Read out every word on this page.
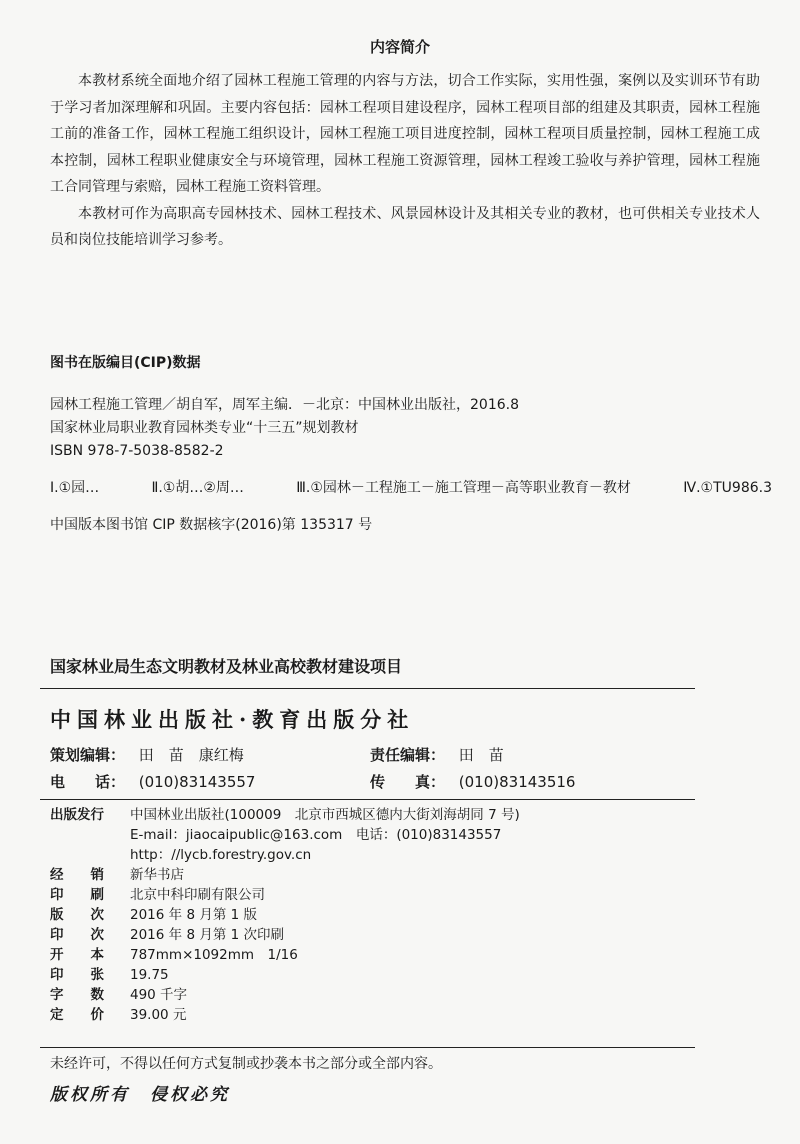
内容简介

本教材系统全面地介绍了园林工程施工管理的内容与方法，切合工作实际，实用性强，案例以及实训环节有助于学习者加深理解和巩固。主要内容包括：园林工程项目建设程序，园林工程项目部的组建及其职责，园林工程施工前的准备工作，园林工程施工组织设计，园林工程施工项目进度控制，园林工程项目质量控制，园林工程施工成本控制，园林工程职业健康安全与环境管理，园林工程施工资源管理，园林工程竣工验收与养护管理，园林工程施工合同管理与索赔，园林工程施工资料管理。

本教材可作为高职高专园林技术、园林工程技术、风景园林设计及其相关专业的教材，也可供相关专业技术人员和岗位技能培训学习参考。

图书在版编目(CIP)数据
园林工程施工管理／胡自军，周军主编．－北京：中国林业出版社，2016.8
国家林业局职业教育园林类专业“十三五”规划教材
ISBN 978-7-5038-8582-2
Ⅰ.①园…	Ⅱ.①胡…②周…	Ⅲ.①园林－工程施工－施工管理－高等职业教育－教材	Ⅳ.①TU986.3
中国版本图书馆 CIP 数据核字(2016)第 135317 号
国家林业局生态文明教材及林业高校教材建设项目
中国林业出版社·教育出版分社
策划编辑： 田　苗　康红梅	责任编辑： 田　苗
电　　话： (010)83143557	传　　真： (010)83143516
出版发行	中国林业出版社(100009　北京市西城区德内大街刘海胡同 7 号)
E-mail：jiaocaipublic@163.com　电话：(010)83143557
http：//lycb.forestry.gov.cn
经　　销	新华书店
印　　刷	北京中科印刷有限公司
版　　次	2016 年 8 月第 1 版
印　　次	2016 年 8 月第 1 次印刷
开　　本	787mm×1092mm　1/16
印　　张	19.75
字　　数	490 千字
定　　价	39.00 元
未经许可，不得以任何方式复制或抄袭本书之部分或全部内容。
版权所有　侵权必究
